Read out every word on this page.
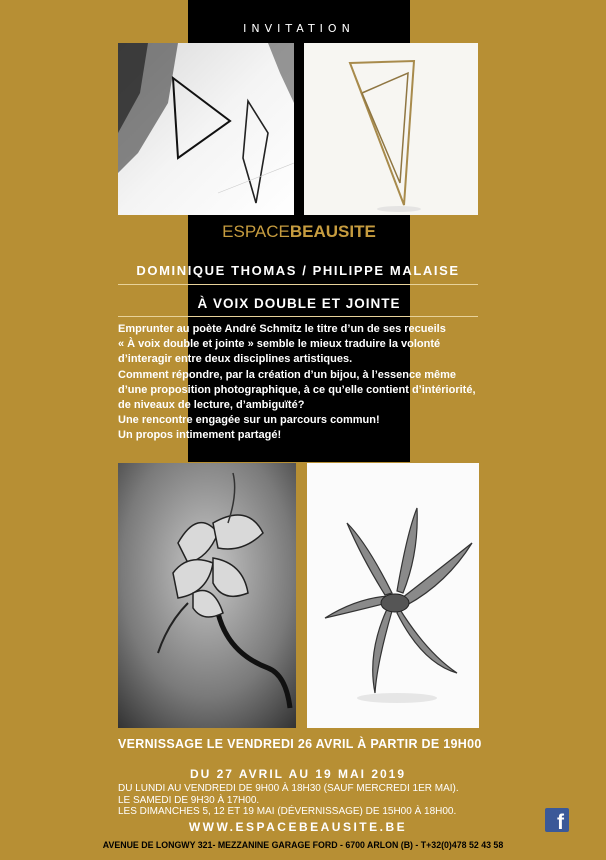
INVITATION
ESPACEBEAUSITE
DOMINIQUE THOMAS / PHILIPPE MALAISE
À VOIX DOUBLE ET JOINTE
Emprunter au poète André Schmitz le titre d’un de ses recueils
« À voix double et jointe » semble le mieux traduire la volonté
d’interagir entre deux disciplines artistiques.
Comment répondre, par la création d’un bijou, à l’essence même
d’une proposition photographique, à ce qu’elle contient d’intériorité,
de niveaux de lecture, d’ambiguïté?
Une rencontre engagée sur un parcours commun!
Un propos intimement partagé!
VERNISSAGE LE VENDREDI 26 AVRIL À PARTIR DE 19H00
DU 27 AVRIL AU 19 MAI 2019
DU LUNDI AU VENDREDI DE 9H00 À 18H30 (SAUF MERCREDI 1ER MAI).
LE SAMEDI DE 9H30 À 17H00.
LES DIMANCHES 5, 12 ET 19 MAI (DÉVERNISSAGE) DE 15H00 À 18H00.
WWW.ESPACEBEAUSITE.BE	f
AVENUE DE LONGWY 321- MEZZANINE GARAGE FORD - 6700 ARLON (B) - T+32(0)478 52 43 58
